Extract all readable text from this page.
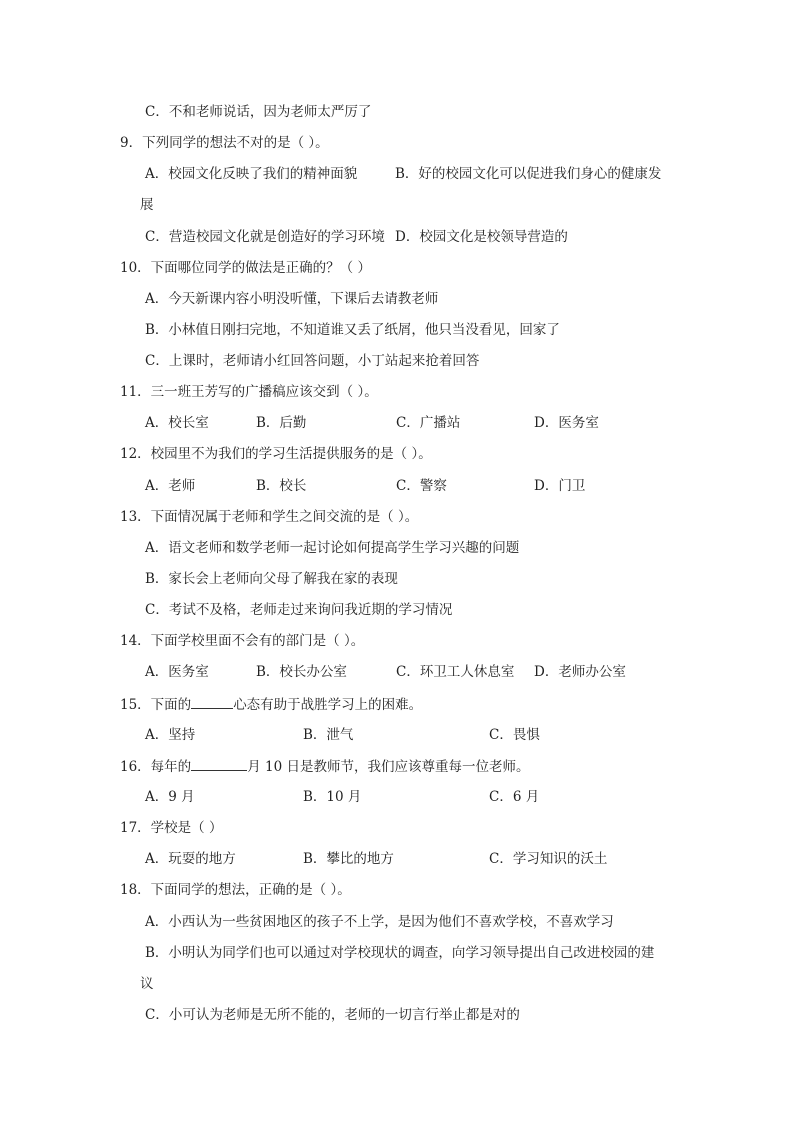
C．不和老师说话，因为老师太严厉了
9．下列同学的想法不对的是（ ）。
A．校园文化反映了我们的精神面貌	B．好的校园文化可以促进我们身心的健康发
展
C．营造校园文化就是创造好的学习环境 D．校园文化是校领导营造的
10．下面哪位同学的做法是正确的？（ ）
A．今天新课内容小明没听懂，下课后去请教老师
B．小林值日刚扫完地，不知道谁又丢了纸屑，他只当没看见，回家了
C．上课时，老师请小红回答问题，小丁站起来抢着回答
11．三一班王芳写的广播稿应该交到（ ）。
A．校长室	B．后勤	C．广播站	D．医务室
12．校园里不为我们的学习生活提供服务的是（ ）。
A．老师	B．校长	C．警察	D．门卫
13．下面情况属于老师和学生之间交流的是（ ）。
A．语文老师和数学老师一起讨论如何提高学生学习兴趣的问题
B．家长会上老师向父母了解我在家的表现
C．考试不及格，老师走过来询问我近期的学习情况
14．下面学校里面不会有的部门是（ ）。
A．医务室	B．校长办公室	C．环卫工人休息室 D．老师办公室
15．下面的	心态有助于战胜学习上的困难。
A．坚持	B．泄气	C．畏惧
16．每年的	月 10 日是教师节，我们应该尊重每一位老师。
A．9 月	B．10 月	C．6 月
17．学校是（ ）
A．玩耍的地方	B．攀比的地方	C．学习知识的沃土
18．下面同学的想法，正确的是（ ）。
A．小西认为一些贫困地区的孩子不上学，是因为他们不喜欢学校，不喜欢学习
B．小明认为同学们也可以通过对学校现状的调查，向学习领导提出自己改进校园的建
议
C．小可认为老师是无所不能的，老师的一切言行举止都是对的
